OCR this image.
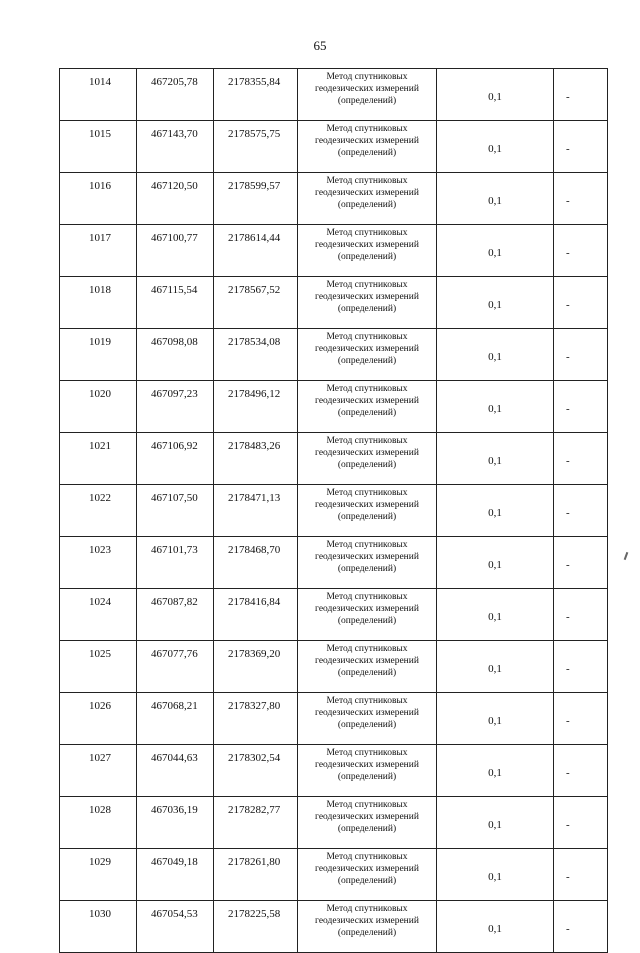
65
1014	467205,78	2178355,84	Метод спутниковых
геодезических измерений
(определений)	0,1	-
1015	467143,70	2178575,75	Метод спутниковых
геодезических измерений
(определений)	0,1	-
1016	467120,50	2178599,57	Метод спутниковых
геодезических измерений
(определений)	0,1	-
1017	467100,77	2178614,44	Метод спутниковых
геодезических измерений
(определений)	0,1	-
1018	467115,54	2178567,52	Метод спутниковых
геодезических измерений
(определений)	0,1	-
1019	467098,08	2178534,08	Метод спутниковых
геодезических измерений
(определений)	0,1	-
1020	467097,23	2178496,12	Метод спутниковых
геодезических измерений
(определений)	0,1	-
1021	467106,92	2178483,26	Метод спутниковых
геодезических измерений
(определений)	0,1	-
1022	467107,50	2178471,13	Метод спутниковых
геодезических измерений
(определений)	0,1	-
1023	467101,73	2178468,70	Метод спутниковых
геодезических измерений
(определений)	0,1	-
1024	467087,82	2178416,84	Метод спутниковых
геодезических измерений
(определений)	0,1	-
1025	467077,76	2178369,20	Метод спутниковых
геодезических измерений
(определений)	0,1	-
1026	467068,21	2178327,80	Метод спутниковых
геодезических измерений
(определений)	0,1	-
1027	467044,63	2178302,54	Метод спутниковых
геодезических измерений
(определений)	0,1	-
1028	467036,19	2178282,77	Метод спутниковых
геодезических измерений
(определений)	0,1	-
1029	467049,18	2178261,80	Метод спутниковых
геодезических измерений
(определений)	0,1	-
1030	467054,53	2178225,58	Метод спутниковых
геодезических измерений
(определений)	0,1	-
